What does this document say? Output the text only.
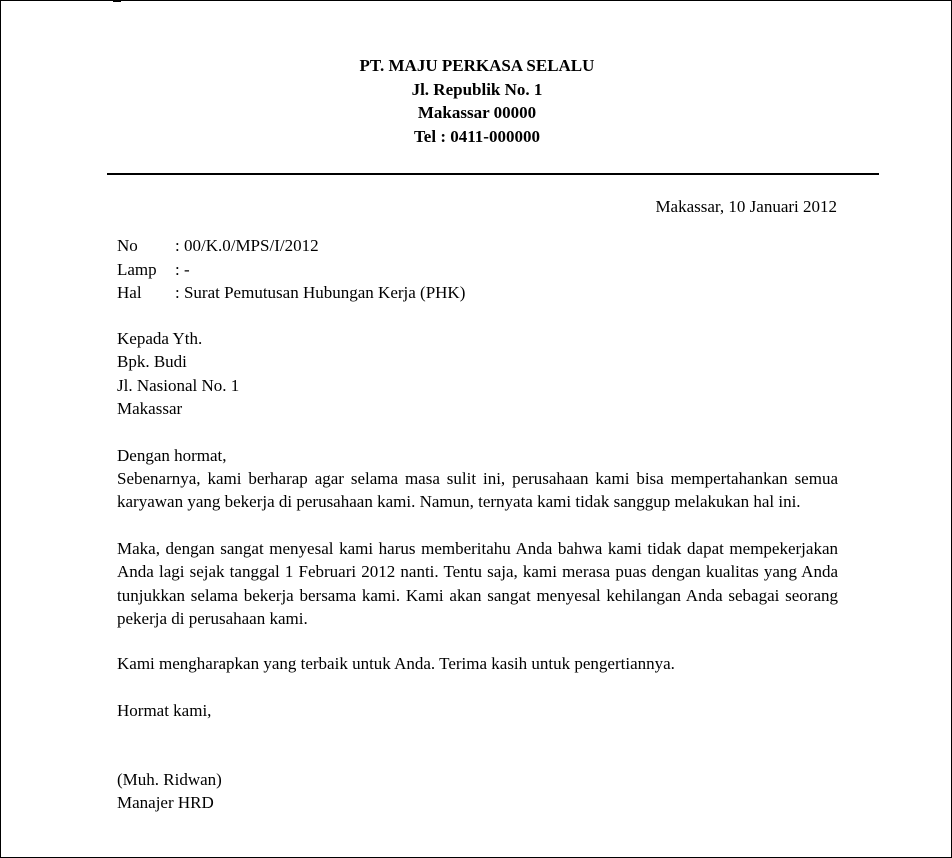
PT. MAJU PERKASA SELALU
Jl. Republik No. 1
Makassar 00000
Tel : 0411-000000
Makassar, 10 Januari 2012
No : 00/K.0/MPS/I/2012
Lamp : -
Hal : Surat Pemutusan Hubungan Kerja (PHK)
Kepada Yth.
Bpk. Budi
Jl. Nasional No. 1
Makassar
Dengan hormat,
Sebenarnya, kami berharap agar selama masa sulit ini, perusahaan kami bisa mempertahankan semua karyawan yang bekerja di perusahaan kami. Namun, ternyata kami tidak sanggup melakukan hal ini.
Maka, dengan sangat menyesal kami harus memberitahu Anda bahwa kami tidak dapat mempekerjakan Anda lagi sejak tanggal 1 Februari 2012 nanti. Tentu saja, kami merasa puas dengan kualitas yang Anda tunjukkan selama bekerja bersama kami. Kami akan sangat menyesal kehilangan Anda sebagai seorang pekerja di perusahaan kami.
Kami mengharapkan yang terbaik untuk Anda. Terima kasih untuk pengertiannya.
Hormat kami,
(Muh. Ridwan)
Manajer HRD
